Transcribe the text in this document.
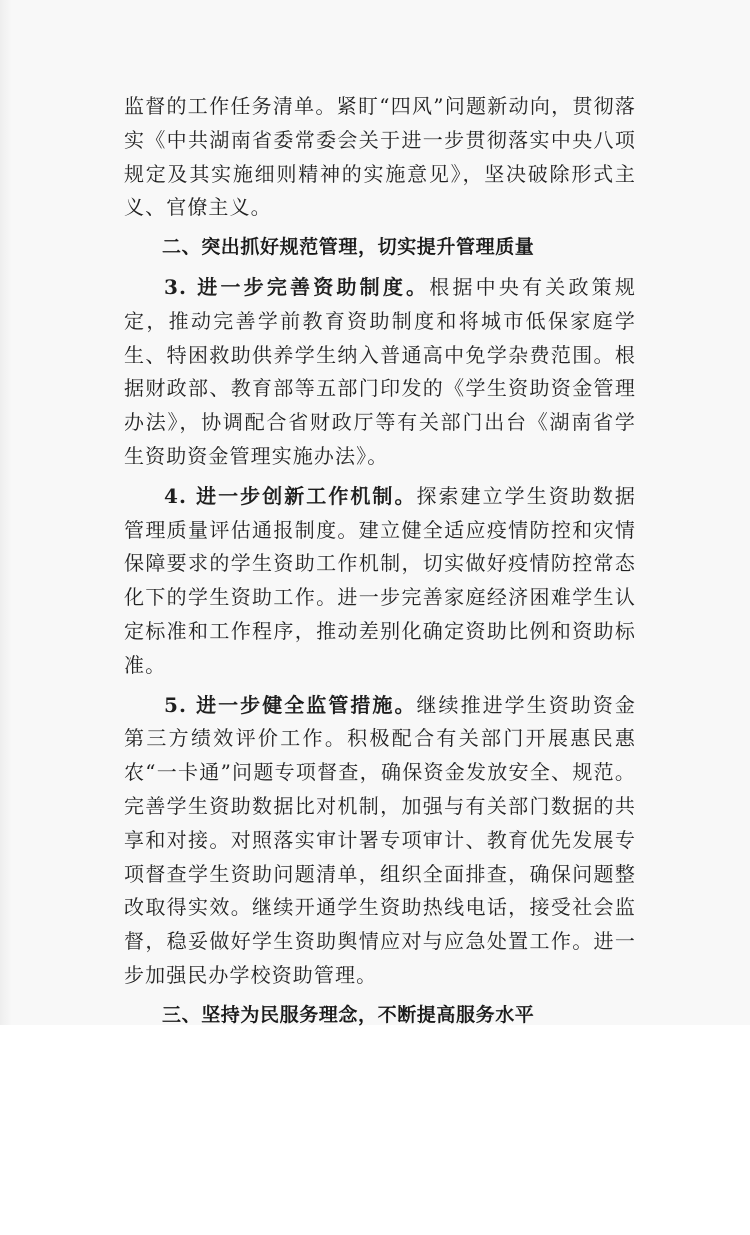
监督的工作任务清单。紧盯“四风”问题新动向，贯彻落实《中共湖南省委常委会关于进一步贯彻落实中央八项规定及其实施细则精神的实施意见》，坚决破除形式主义、官僚主义。

二、突出抓好规范管理，切实提升管理质量

3. 进一步完善资助制度。根据中央有关政策规定，推动完善学前教育资助制度和将城市低保家庭学生、特困救助供养学生纳入普通高中免学杂费范围。根据财政部、教育部等五部门印发的《学生资助资金管理办法》，协调配合省财政厅等有关部门出台《湖南省学生资助资金管理实施办法》。

4. 进一步创新工作机制。探索建立学生资助数据管理质量评估通报制度。建立健全适应疫情防控和灾情保障要求的学生资助工作机制，切实做好疫情防控常态化下的学生资助工作。进一步完善家庭经济困难学生认定标准和工作程序，推动差别化确定资助比例和资助标准。

5. 进一步健全监管措施。继续推进学生资助资金第三方绩效评价工作。积极配合有关部门开展惠民惠农“一卡通”问题专项督查，确保资金发放安全、规范。完善学生资助数据比对机制，加强与有关部门数据的共享和对接。对照落实审计署专项审计、教育优先发展专项督查学生资助问题清单，组织全面排查，确保问题整改取得实效。继续开通学生资助热线电话，接受社会监督，稳妥做好学生资助舆情应对与应急处置工作。进一步加强民办学校资助管理。

三、坚持为民服务理念，不断提高服务水平
